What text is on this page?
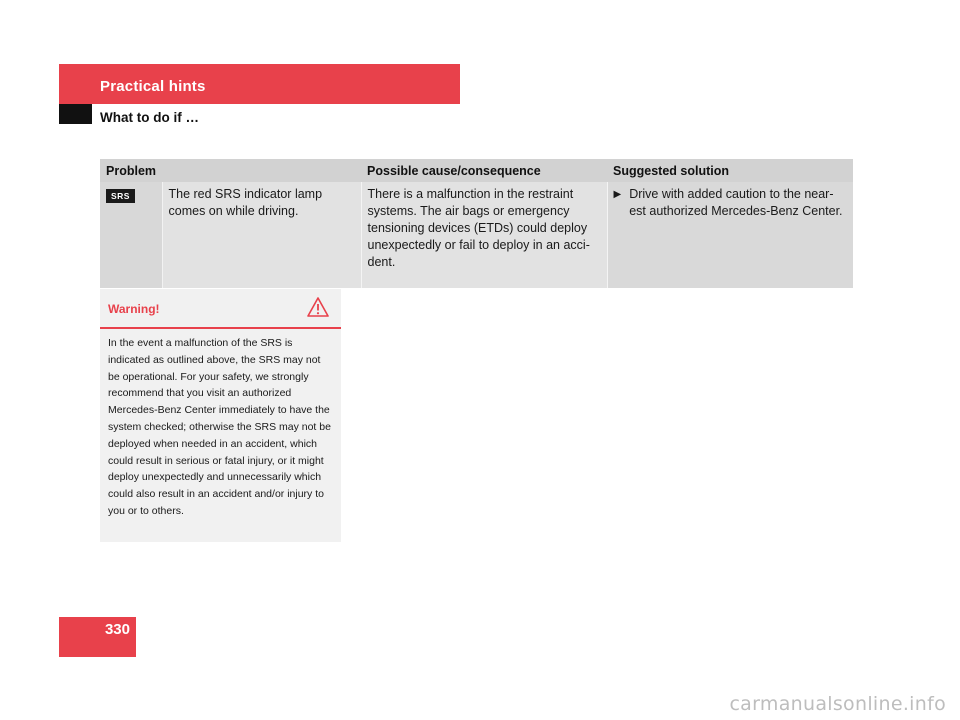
Practical hints
What to do if …
Problem		Possible cause/consequence	Suggested solution
SRS	The red SRS indicator lamp comes on while driving.	There is a malfunction in the restraint systems. The air bags or emergency tensioning devices (ETDs) could deploy unexpectedly or fail to deploy in an acci-dent.	▶ Drive with added caution to the near-est authorized Mercedes-Benz Center.
Warning!
In the event a malfunction of the SRS is indicated as outlined above, the SRS may not be operational. For your safety, we strongly recommend that you visit an authorized Mercedes-Benz Center immediately to have the system checked; otherwise the SRS may not be deployed when needed in an accident, which could result in serious or fatal injury, or it might deploy unexpectedly and unnecessarily which could also result in an accident and/or injury to you or to others.
330
carmanualsonline.info
